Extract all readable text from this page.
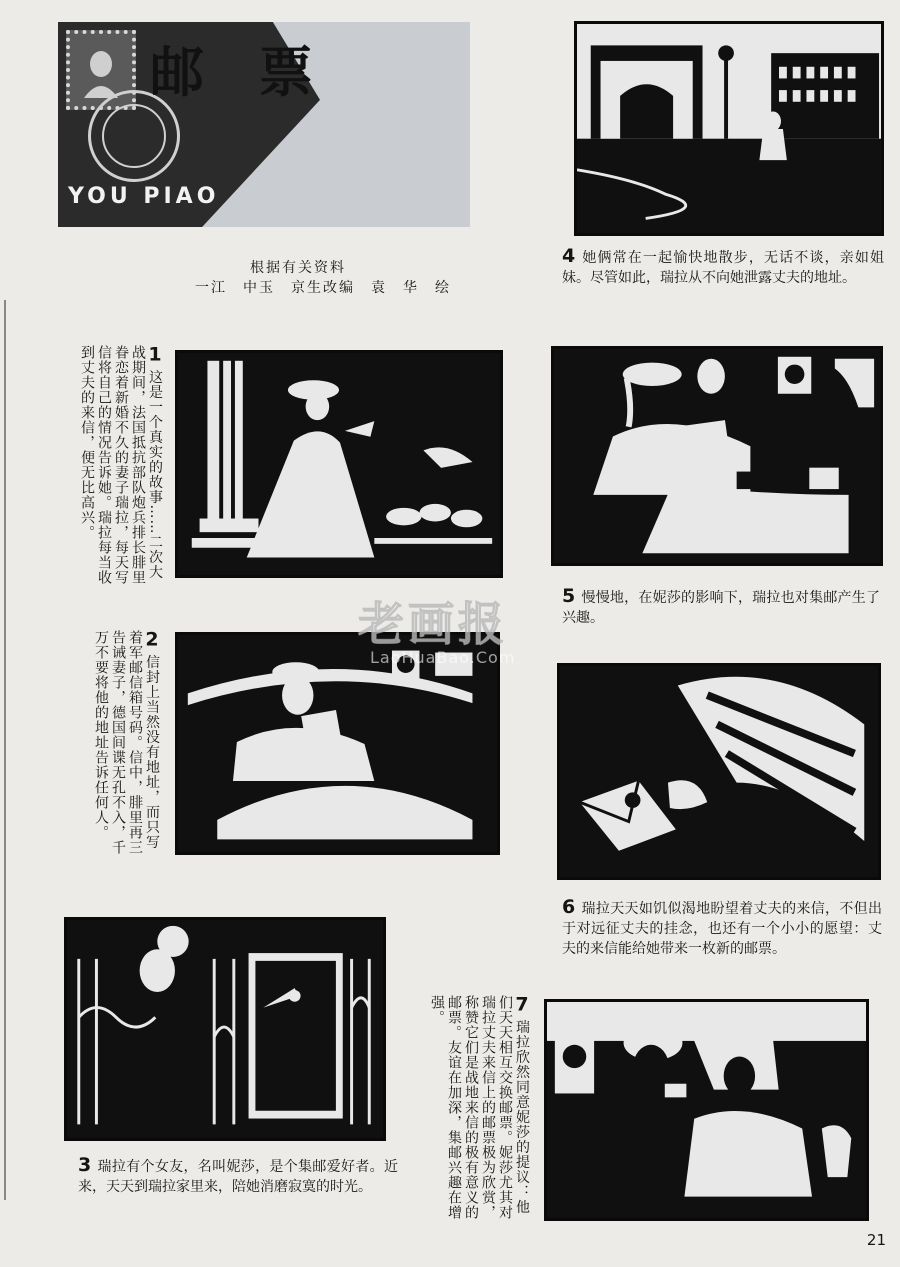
邮 票
YOU PIAO
根据有关资料
一江　中玉　京生改编　袁　华　绘
1 这是一个真实的故事……二次大战期间，法国抵抗部队炮兵排长腓里眷恋着新婚不久的妻子瑞拉，每天写信将自己的情况告诉她。瑞拉每当收到丈夫的来信，便无比高兴。
2 信封上当然没有地址，而只写着军邮信箱号码。信中，腓里再三告诫妻子，德国间谍无孔不入，千万不要将他的地址告诉任何人。
3 瑞拉有个女友，名叫妮莎，是个集邮爱好者。近来，天天到瑞拉家里来，陪她消磨寂寞的时光。
4 她俩常在一起愉快地散步，无话不谈，亲如姐妹。尽管如此，瑞拉从不向她泄露丈夫的地址。
5 慢慢地，在妮莎的影响下，瑞拉也对集邮产生了兴趣。
6 瑞拉天天如饥似渴地盼望着丈夫的来信，不但出于对远征丈夫的挂念，也还有一个小小的愿望：丈夫的来信能给她带来一枚新的邮票。
7 瑞拉欣然同意妮莎的提议：他们天天相互交换邮票。妮莎尤其对瑞拉丈夫来信上的邮票极为欣赏，称赞它们是战地来信的极有意义的邮票。友谊在加深，集邮兴趣在增强。
老画报
LaoHuaBao.Com
21
